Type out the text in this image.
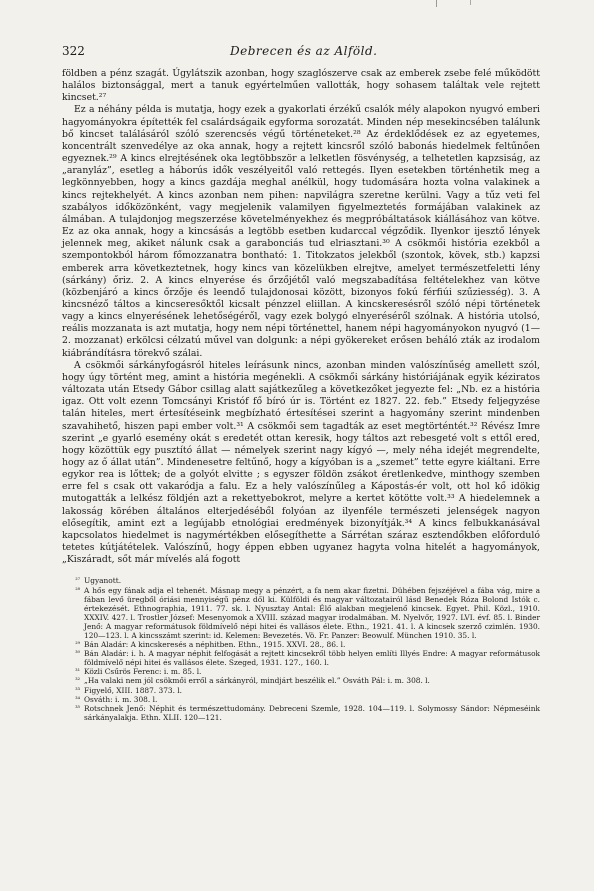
322	Debrecen és az Alföld.

földben a pénz szagát. Úgylátszik azonban, hogy szaglószerve csak az emberek zsebe felé működött halálos biztonsággal, mert a tanuk egyértelműen vallották, hogy sohasem találtak vele rejtett kincset.²⁷

Ez a néhány példa is mutatja, hogy ezek a gyakorlati érzékű csalók mély alapokon nyugvó emberi hagyományokra építették fel csalárdságaik egyforma sorozatát. Minden nép mesekincsében találunk bő kincset találásáról szóló szerencsés végű történeteket.²⁸ Az érdeklődések ez az egyetemes, koncentrált szenvedélye az oka annak, hogy a rejtett kincsről szóló babonás hiedelmek feltűnően egyeznek.²⁹ A kincs elrejtésének oka legtöbbször a lelketlen fösvénység, a telhetetlen kapzsiság, az „aranyláz”, esetleg a háborús idők veszélyeitől való rettegés. Ilyen esetekben történhetik meg a legkönnyebben, hogy a kincs gazdája meghal anélkül, hogy tudomására hozta volna valakinek a kincs rejtekhelyét. A kincs azonban nem pihen: napvilágra szeretne kerülni. Vagy a tűz veti fel szabályos időközönként, vagy megjelenik valamilyen figyelmeztetés formájában valakinek az álmában. A tulajdonjog megszerzése követelményekhez és megpróbáltatások kiállásához van kötve. Ez az oka annak, hogy a kincsásás a legtöbb esetben kudarccal végződik. Ilyenkor ijesztő lények jelennek meg, akiket nálunk csak a garabonciás tud elriasztani.³⁰ A csökmői história ezekből a szempontokból három főmozzanatra bontható: 1. Titokzatos jelekből (szontok, kövek, stb.) kapzsi emberek arra következtetnek, hogy kincs van közelükben elrejtve, amelyet természetfeletti lény (sárkány) őriz. 2. A kincs elnyerése és őrzőjétől való megszabadítása feltételekhez van kötve (közbenjáró a kincs őrzője és leendő tulajdonosai között, bizonyos fokú férfiúi szűziesség). 3. A kincsnéző táltos a kincseresőktől kicsalt pénzzel eliillan. A kincskeresésről szóló népi történetek vagy a kincs elnyerésének lehetőségéről, vagy ezek bolygó elnyeréséről szólnak. A história utolsó, reális mozzanata is azt mutatja, hogy nem népi történettel, hanem népi hagyományokon nyugvó (1—2. mozzanat) erkölcsi célzatú művel van dolgunk: a népi gyökereket erősen beháló zták az irodalom kiábrándításra törekvő szálai.

A csökmői sárkányfogásról hiteles leírásunk nincs, azonban minden valószínűség amellett szól, hogy úgy történt meg, amint a história megénekli. A csökmői sárkány históriájának egyik kéziratos változata után Etsedy Gábor csillag alatt sajátkezűleg a következőket jegyezte fel: „Nb. ez a história igaz. Ott volt ezenn Tomcsányi Kristóf fő bíró úr is. Történt ez 1827. 22. feb.” Etsedy feljegyzése talán hiteles, mert értesítéseink megbízható értesítései szerint a hagyomány szerint mindenben szavahihető, hiszen papi ember volt.³¹ A csökmői sem tagadták az eset megtörténtét.³² Révész Imre szerint „e gyarló esemény okát s eredetét ottan keresik, hogy táltos azt rebesgeté volt s ettől ered, hogy közöttük egy pusztító állat — némelyek szerint nagy kígyó —, mely néha idejét megrendelte, hogy az ő állat után”. Mindenesetre feltűnő, hogy a kígyóban is a „szemet” tette egyre kiáltani. Erre egykor rea is lőttek; de a golyót elvitte ; s egyszer földön zsákot éretlenkedve, minthogy szemben erre fel s csak ott vakaródja a falu. Ez a hely valószínűleg a Kápostás-ér volt, ott hol kő idökig mutogatták a lelkész földjén azt a rekettyebokrot, melyre a kertet kötötte volt.³³ A hiedelemnek a lakosság körében általános elterjedéséből folyóan az ilyenféle természeti jelenségek nagyon elősegítik, amint ezt a legújabb etnológiai eredmények bizonyítják.³⁴ A kincs felbukkanásával kapcsolatos hiedelmet is nagymértékben elősegíthette a Sárrétan száraz esztendőkben előforduló tetetes kútjátételek. Valószínű, hogy éppen ebben ugyanez hagyta volna hitelét a hagyományok, „Kiszáradt, sőt már mívelés alá fogott

²⁷ Ugyanott.
²⁸ A hős egy fának adja el tehenét. Másnap megy a pénzért, a fa nem akar fizetni. Dühében fejszéjével a fába vág, mire a fában levő üregből óriási mennyiségű pénz dől ki. Külföldi és magyar változatairól lásd Benedek Róza Bolond Istók c. értekezését. Ethnographia, 1911. 77. sk. l. Nyusztay Antal: Élő alakban megjelenő kincsek. Egyet. Phil. Közl., 1910. XXXIV. 427. l. Trostler József: Mesenyomok a XVIII. század magyar irodalmában. M. Nyelvőr, 1927. LVI. évf. 85. l. Binder Jenő: A magyar reformátusok földmívelő népi hitei és vallásos élete. Ethn., 1921. 41. l. A kincsek szerző czimlén. 1930. 120—123. l. A kincsszámt szerint: id. Kelemen: Bevezetés. Vö. Fr. Panzer: Beowulf. München 1910. 35. l.
²⁹ Bán Aladár: A kincskeresés a néphitben. Ethn., 1915. XXVI. 28., 86. l.
³⁰ Bán Aladár: i. h. A magyar néphit felfogását a rejtett kincsekről több helyen említi Illyés Endre: A magyar reformátusok földmívelő népi hitei és vallásos élete. Szeged, 1931. 127., 160. l.
³¹ Közli Csűrös Ferenc: i. m. 85. l.
³² „Ha valaki nem jól csökmői erről a sárkányról, mindjárt beszélik el.” Osváth Pál: i. m. 308. l.
³³ Figyelő, XIII. 1887. 373. l.
³⁴ Osváth: i. m. 308. l.
³⁵ Rotschnek Jenő: Néphit és természettudomány. Debreceni Szemle, 1928. 104—119. l. Solymossy Sándor: Népmeséink sárkányalakja. Ethn. XLII. 120—121.
